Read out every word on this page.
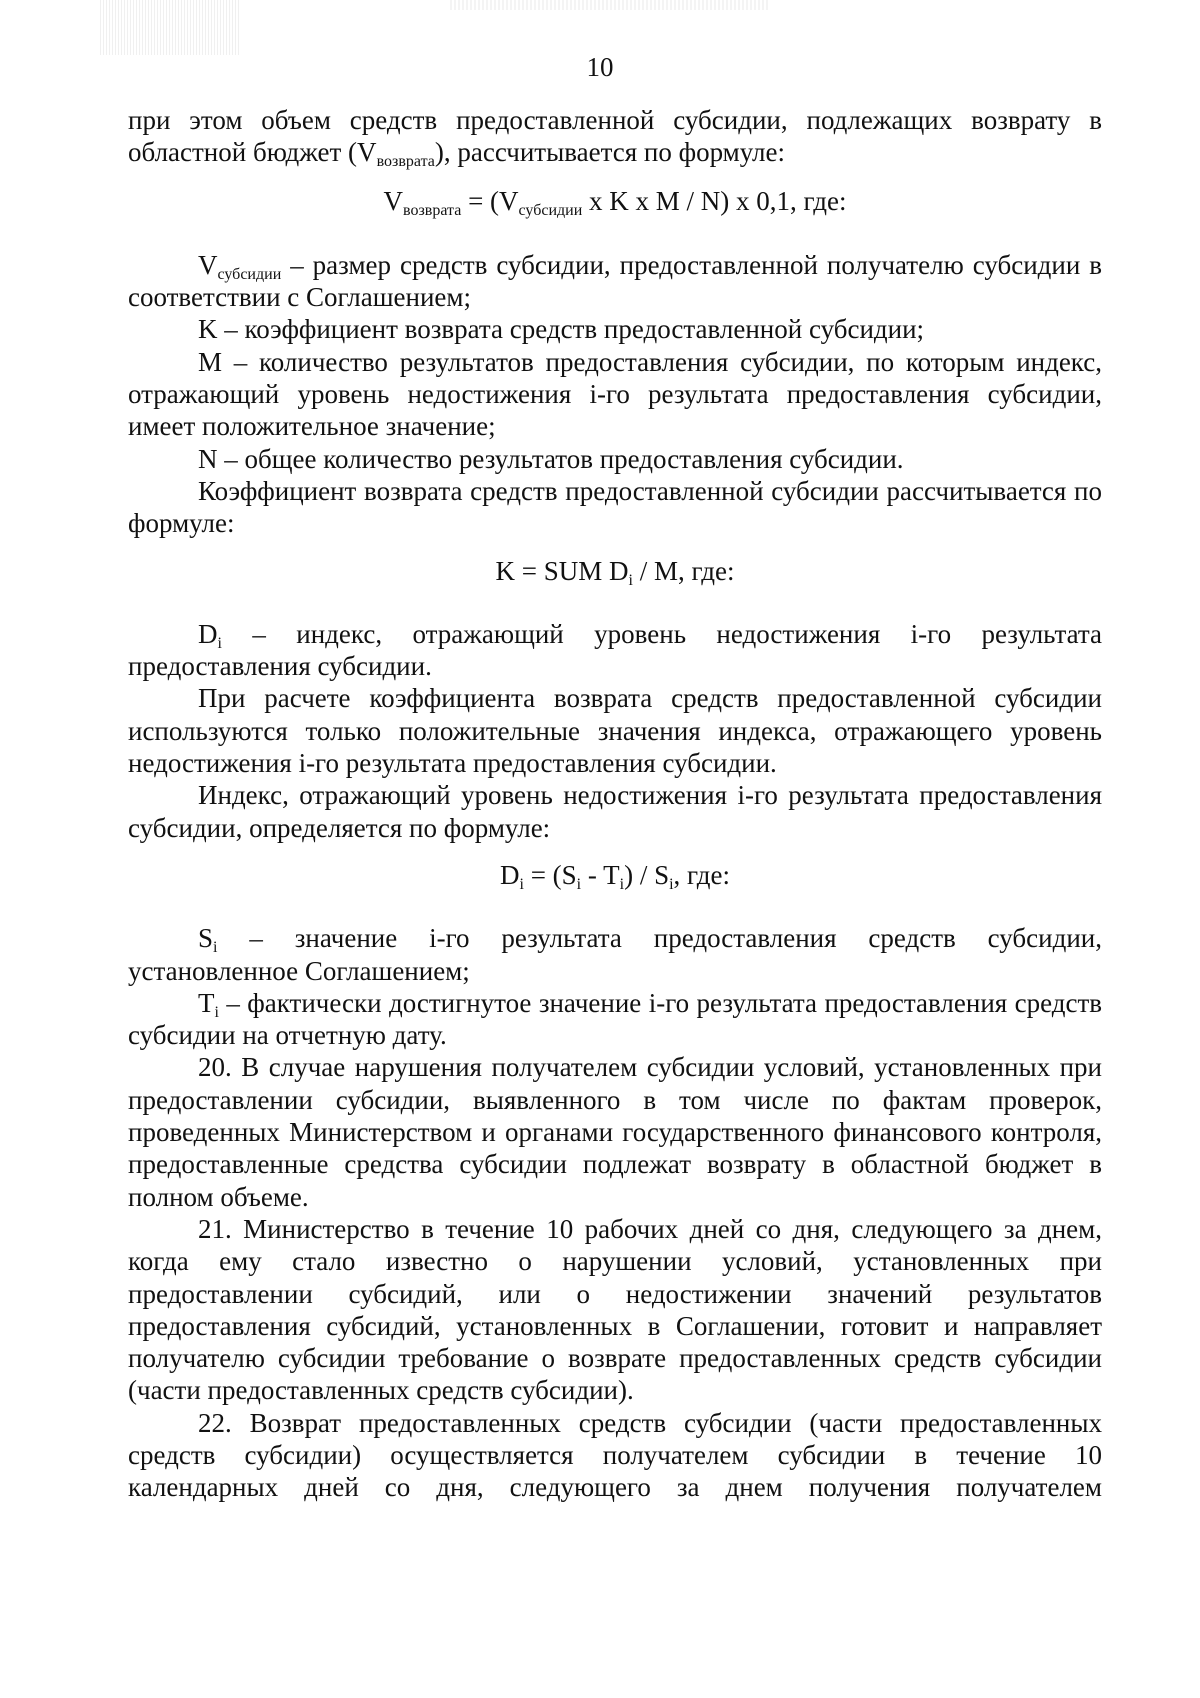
10

при этом объем средств предоставленной субсидии, подлежащих возврату в областной бюджет $(V_{возврата})$, рассчитывается по формуле:

$V_{возврата} = (V_{субсидии}$ x K x M / N) x 0,1, где:

$V_{субсидии}$ – размер средств субсидии, предоставленной получателю субсидии в соответствии с Соглашением;

K – коэффициент возврата средств предоставленной субсидии;

M – количество результатов предоставления субсидии, по которым индекс, отражающий уровень недостижения i-го результата предоставления субсидии, имеет положительное значение;

N – общее количество результатов предоставления субсидии.

Коэффициент возврата средств предоставленной субсидии рассчитывается по формуле:

K = SUM $D_i$ / M, где:

$D_i$ – индекс, отражающий уровень недостижения i-го результата предоставления субсидии.

При расчете коэффициента возврата средств предоставленной субсидии используются только положительные значения индекса, отражающего уровень недостижения i-го результата предоставления субсидии.

Индекс, отражающий уровень недостижения i-го результата предоставления субсидии, определяется по формуле:

$D_i = (S_i - T_i) / S_i$, где:

$S_i$ – значение i-го результата предоставления средств субсидии, установленное Соглашением;

$T_i$ – фактически достигнутое значение i-го результата предоставления средств субсидии на отчетную дату.

20. В случае нарушения получателем субсидии условий, установленных при предоставлении субсидии, выявленного в том числе по фактам проверок, проведенных Министерством и органами государственного финансового контроля, предоставленные средства субсидии подлежат возврату в областной бюджет в полном объеме.

21. Министерство в течение 10 рабочих дней со дня, следующего за днем, когда ему стало известно о нарушении условий, установленных при предоставлении субсидий, или о недостижении значений результатов предоставления субсидий, установленных в Соглашении, готовит и направляет получателю субсидии требование о возврате предоставленных средств субсидии (части предоставленных средств субсидии).

22. Возврат предоставленных средств субсидии (части предоставленных средств субсидии) осуществляется получателем субсидии в течение 10 календарных дней со дня, следующего за днем получения получателем
